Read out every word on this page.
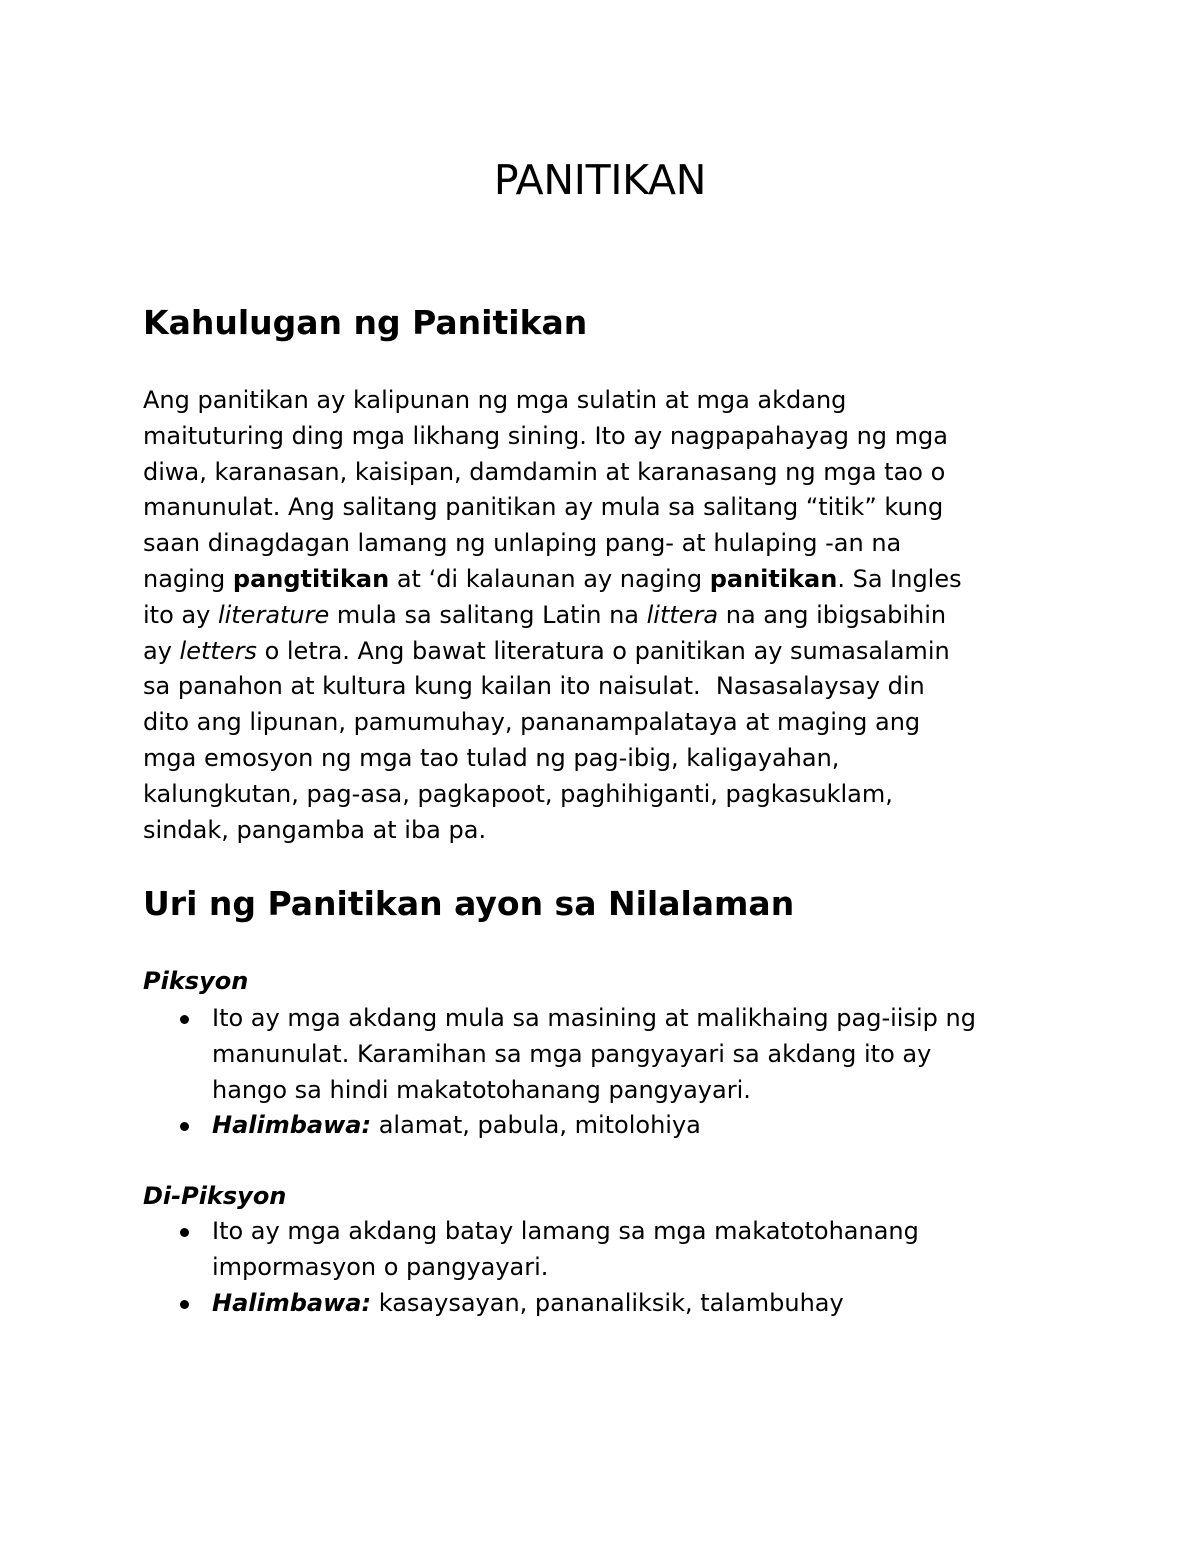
PANITIKAN
Kahulugan ng Panitikan

Ang panitikan ay kalipunan ng mga sulatin at mga akdang
maituturing ding mga likhang sining. Ito ay nagpapahayag ng mga
diwa, karanasan, kaisipan, damdamin at karanasang ng mga tao o
manunulat. Ang salitang panitikan ay mula sa salitang “titik” kung
saan dinagdagan lamang ng unlaping pang- at hulaping -an na
naging pangtitikan at ‘di kalaunan ay naging panitikan. Sa Ingles
ito ay literature mula sa salitang Latin na littera na ang ibigsabihin
ay letters o letra. Ang bawat literatura o panitikan ay sumasalamin
sa panahon at kultura kung kailan ito naisulat.  Nasasalaysay din
dito ang lipunan, pamumuhay, pananampalataya at maging ang
mga emosyon ng mga tao tulad ng pag-ibig, kaligayahan,
kalungkutan, pag-asa, pagkapoot, paghihiganti, pagkasuklam,
sindak, pangamba at iba pa.

Uri ng Panitikan ayon sa Nilalaman
Piksyon
Ito ay mga akdang mula sa masining at malikhaing pag-iisip ng
manunulat. Karamihan sa mga pangyayari sa akdang ito ay
hango sa hindi makatotohanang pangyayari.
Halimbawa: alamat, pabula, mitolohiya
Di-Piksyon
Ito ay mga akdang batay lamang sa mga makatotohanang
impormasyon o pangyayari.
Halimbawa: kasaysayan, pananaliksik, talambuhay
